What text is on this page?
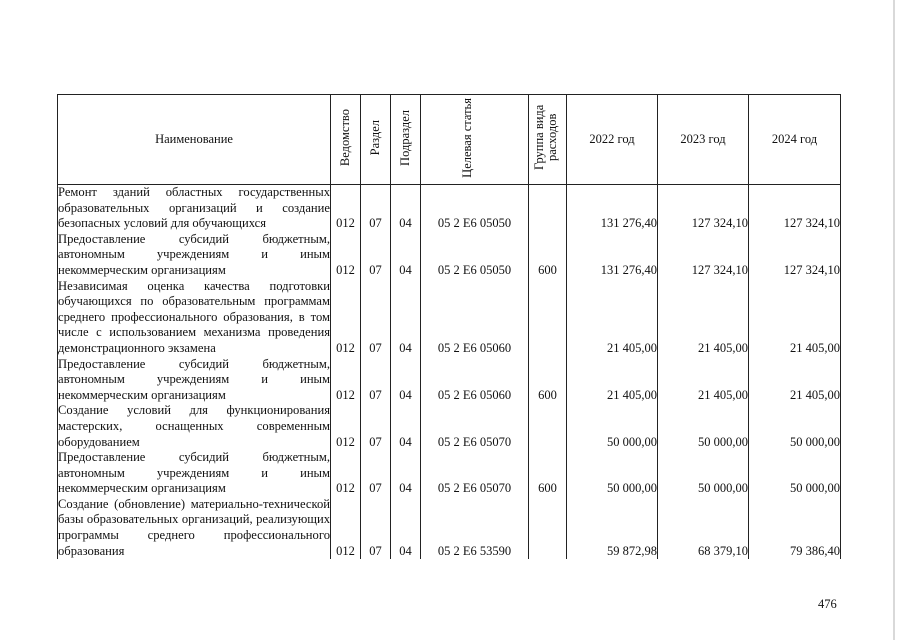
Наименование	Ведомство	Раздел	Подраздел	Целевая статья	Группа вида расходов	2022 год	2023 год	2024 год
Ремонт зданий областных государственных образовательных организаций и создание безопасных условий для обучающихся	012	07	04	05 2 E6 05050		131 276,40	127 324,10	127 324,10
Предоставление субсидий бюджетным, автономным учреждениям и иным некоммерческим организациям	012	07	04	05 2 E6 05050	600	131 276,40	127 324,10	127 324,10
Независимая оценка качества подготовки обучающихся по образовательным программам среднего профессионального образования, в том числе с использованием механизма проведения демонстрационного экзамена	012	07	04	05 2 E6 05060		21 405,00	21 405,00	21 405,00
Предоставление субсидий бюджетным, автономным учреждениям и иным некоммерческим организациям	012	07	04	05 2 E6 05060	600	21 405,00	21 405,00	21 405,00
Создание условий для функционирования мастерских, оснащенных современным оборудованием	012	07	04	05 2 E6 05070		50 000,00	50 000,00	50 000,00
Предоставление субсидий бюджетным, автономным учреждениям и иным некоммерческим организациям	012	07	04	05 2 E6 05070	600	50 000,00	50 000,00	50 000,00
Создание (обновление) материально-технической базы образовательных организаций, реализующих программы среднего профессионального образования	012	07	04	05 2 E6 53590		59 872,98	68 379,10	79 386,40
476
